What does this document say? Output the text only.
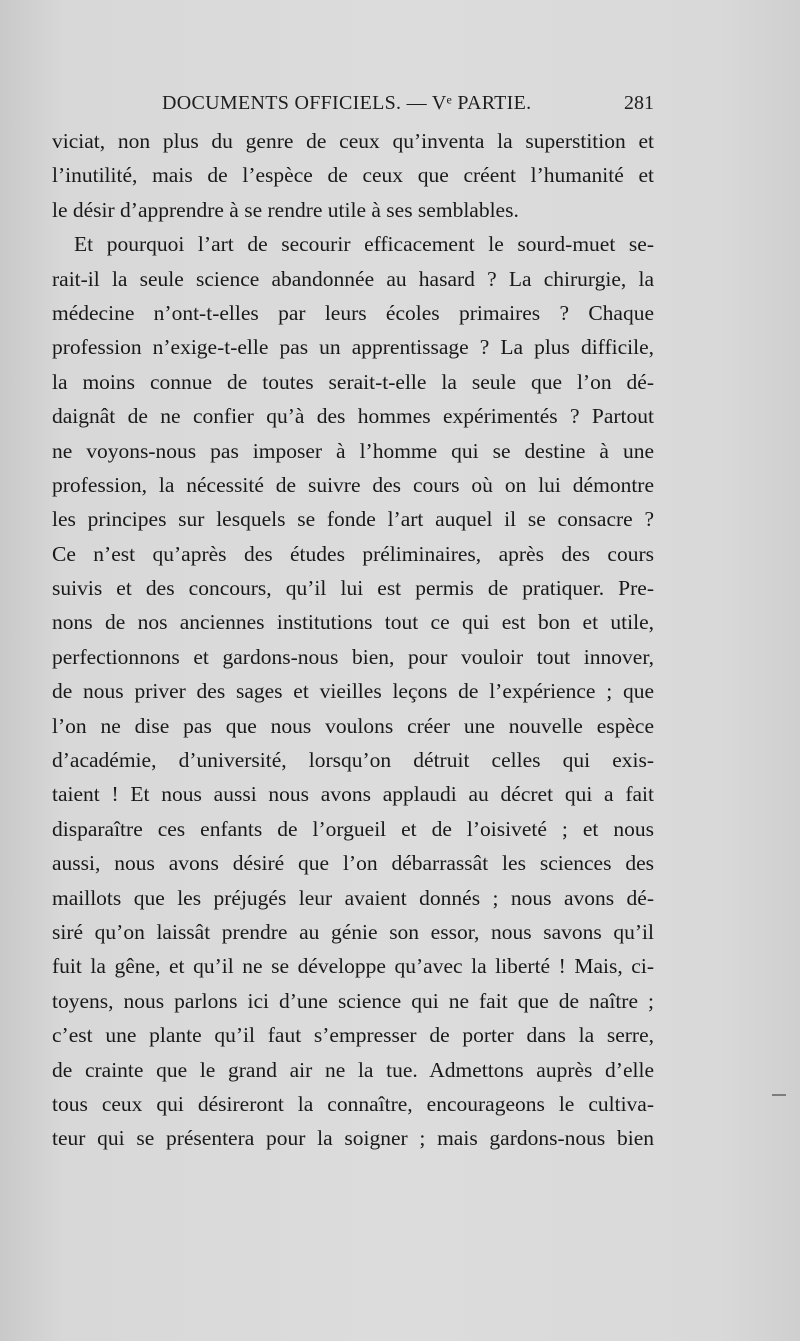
DOCUMENTS OFFICIELS. — Vᵉ PARTIE.	281
viciat, non plus du genre de ceux qu’inventa la superstition et
l’inutilité, mais de l’espèce de ceux que créent l’humanité et
le désir d’apprendre à se rendre utile à ses semblables.
Et pourquoi l’art de secourir efficacement le sourd-muet se-
rait-il la seule science abandonnée au hasard ? La chirurgie, la
médecine n’ont-t-elles par leurs écoles primaires ? Chaque
profession n’exige-t-elle pas un apprentissage ? La plus difficile,
la moins connue de toutes serait-t-elle la seule que l’on dé-
daignât de ne confier qu’à des hommes expérimentés ? Partout
ne voyons-nous pas imposer à l’homme qui se destine à une
profession, la nécessité de suivre des cours où on lui démontre
les principes sur lesquels se fonde l’art auquel il se consacre ?
Ce n’est qu’après des études préliminaires, après des cours
suivis et des concours, qu’il lui est permis de pratiquer. Pre-
nons de nos anciennes institutions tout ce qui est bon et utile,
perfectionnons et gardons-nous bien, pour vouloir tout innover,
de nous priver des sages et vieilles leçons de l’expérience ; que
l’on ne dise pas que nous voulons créer une nouvelle espèce
d’académie, d’université, lorsqu’on détruit celles qui exis-
taient ! Et nous aussi nous avons applaudi au décret qui a fait
disparaître ces enfants de l’orgueil et de l’oisiveté ; et nous
aussi, nous avons désiré que l’on débarrassât les sciences des
maillots que les préjugés leur avaient donnés ; nous avons dé-
siré qu’on laissât prendre au génie son essor, nous savons qu’il
fuit la gêne, et qu’il ne se développe qu’avec la liberté ! Mais, ci-
toyens, nous parlons ici d’une science qui ne fait que de naître ;
c’est une plante qu’il faut s’empresser de porter dans la serre,
de crainte que le grand air ne la tue. Admettons auprès d’elle
tous ceux qui désireront la connaître, encourageons le cultiva-
teur qui se présentera pour la soigner ; mais gardons-nous bien
